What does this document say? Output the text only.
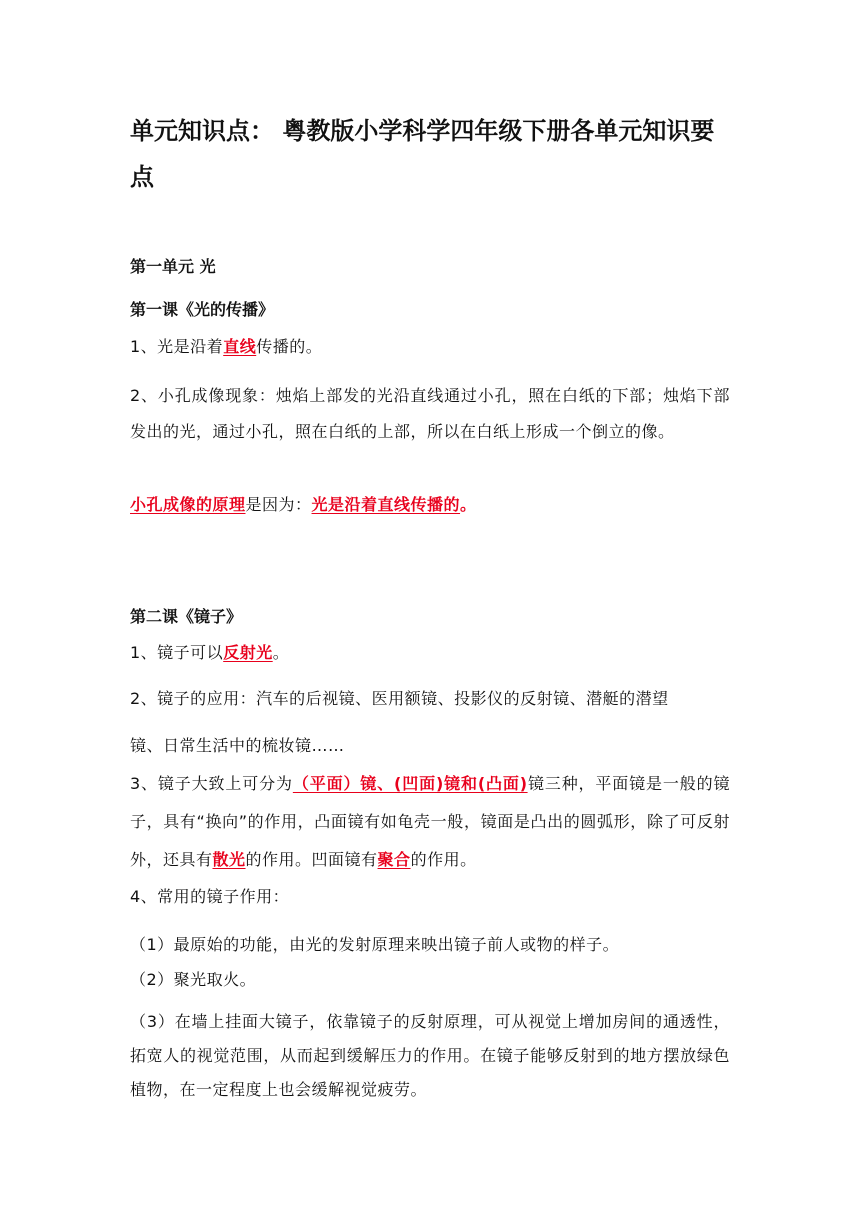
单元知识点： 粤教版小学科学四年级下册各单元知识要点
第一单元 光
第一课《光的传播》

1、光是沿着直线传播的。

2、小孔成像现象：烛焰上部发的光沿直线通过小孔，照在白纸的下部；烛焰下部发出的光，通过小孔，照在白纸的上部，所以在白纸上形成一个倒立的像。

小孔成像的原理是因为：光是沿着直线传播的。

第二课《镜子》

1、镜子可以反射光。

2、镜子的应用：汽车的后视镜、医用额镜、投影仪的反射镜、潜艇的潜望

镜、日常生活中的梳妆镜……

3、镜子大致上可分为（平面）镜、(凹面)镜和(凸面)镜三种，平面镜是一般的镜子，具有“换向”的作用，凸面镜有如龟壳一般，镜面是凸出的圆弧形，除了可反射外，还具有散光的作用。凹面镜有聚合的作用。

4、常用的镜子作用：

（1）最原始的功能，由光的发射原理来映出镜子前人或物的样子。

（2）聚光取火。

（3）在墙上挂面大镜子，依靠镜子的反射原理，可从视觉上增加房间的通透性，拓宽人的视觉范围，从而起到缓解压力的作用。在镜子能够反射到的地方摆放绿色植物，在一定程度上也会缓解视觉疲劳。
